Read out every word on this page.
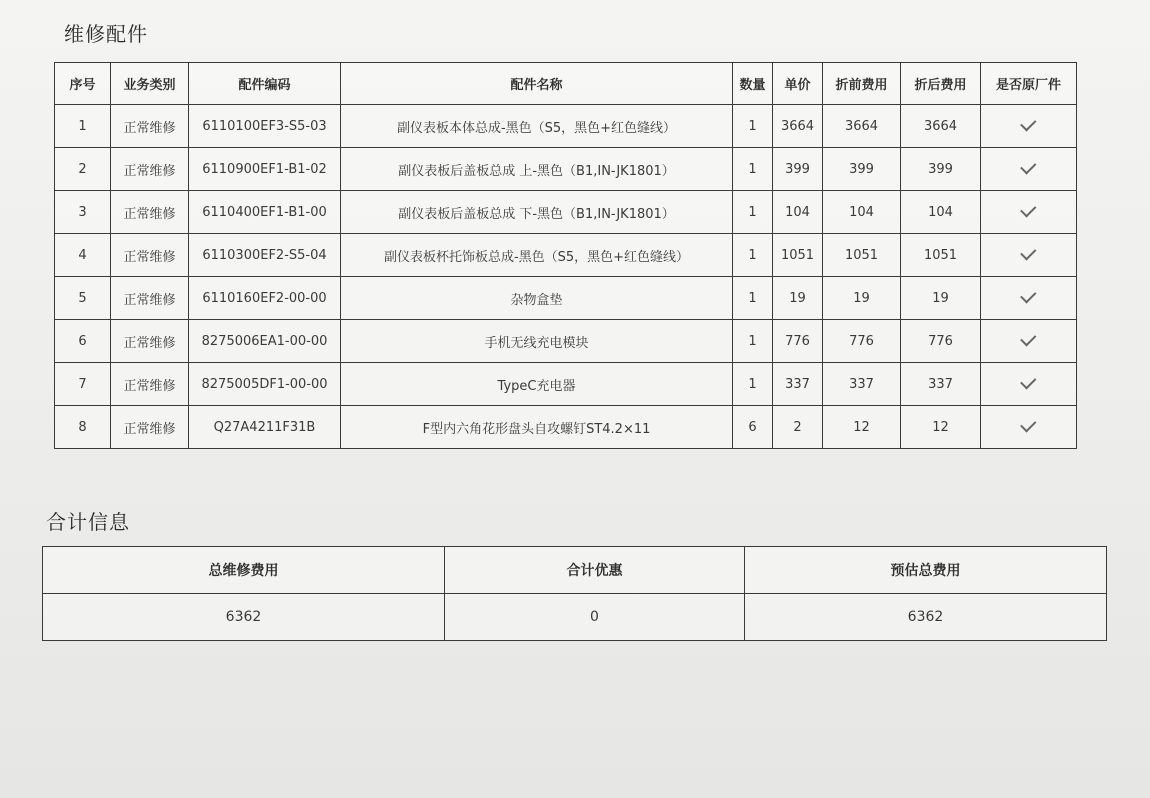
维修配件
序号	业务类别	配件编码	配件名称	数量	单价	折前费用	折后费用	是否原厂件
1	正常维修	6110100EF3-S5-03	副仪表板本体总成-黑色（S5，黑色+红色缝线）	1	3664	3664	3664	
2	正常维修	6110900EF1-B1-02	副仪表板后盖板总成 上-黑色（B1,IN-JK1801）	1	399	399	399	
3	正常维修	6110400EF1-B1-00	副仪表板后盖板总成 下-黑色（B1,IN-JK1801）	1	104	104	104	
4	正常维修	6110300EF2-S5-04	副仪表板杯托饰板总成-黑色（S5，黑色+红色缝线）	1	1051	1051	1051	
5	正常维修	6110160EF2-00-00	杂物盒垫	1	19	19	19	
6	正常维修	8275006EA1-00-00	手机无线充电模块	1	776	776	776	
7	正常维修	8275005DF1-00-00	TypeC充电器	1	337	337	337	
8	正常维修	Q27A4211F31B	F型内六角花形盘头自攻螺钉ST4.2×11	6	2	12	12	
合计信息
总维修费用	合计优惠	预估总费用
6362	0	6362
